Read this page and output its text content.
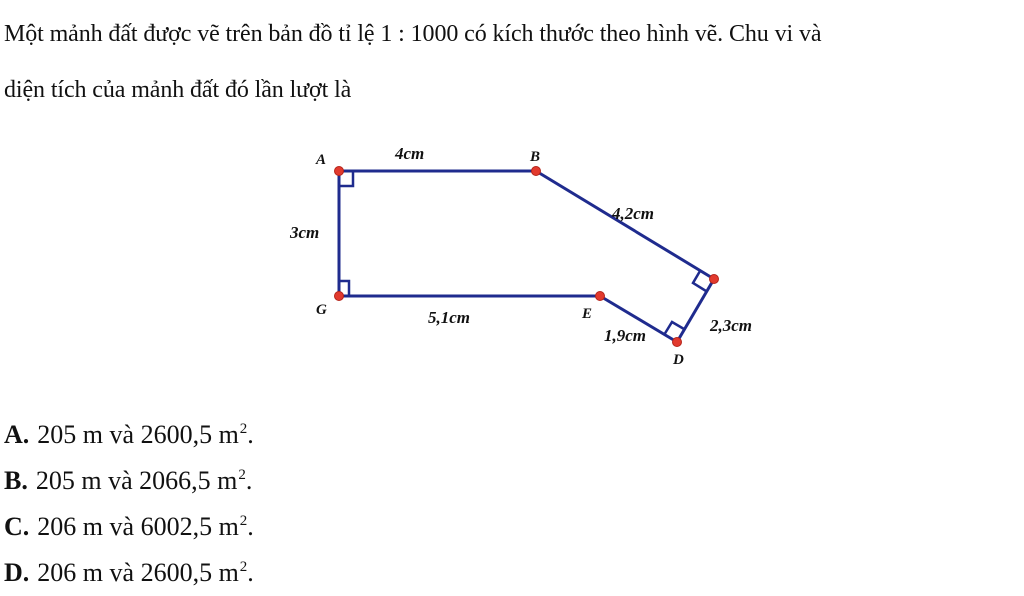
Một mảnh đất được vẽ trên bản đồ tỉ lệ 1 : 1000 có kích thước theo hình vẽ. Chu vi và

diện tích của mảnh đất đó lần lượt là

A	B
G	E
D
4cm
4,2cm
3cm
5,1cm
1,9cm
2,3cm
A. 205 m và 2600,5 $m^2$.
B. 205 m và 2066,5 $m^2$.
C. 206 m và 6002,5 $m^2$.
D. 206 m và 2600,5 $m^2$.
